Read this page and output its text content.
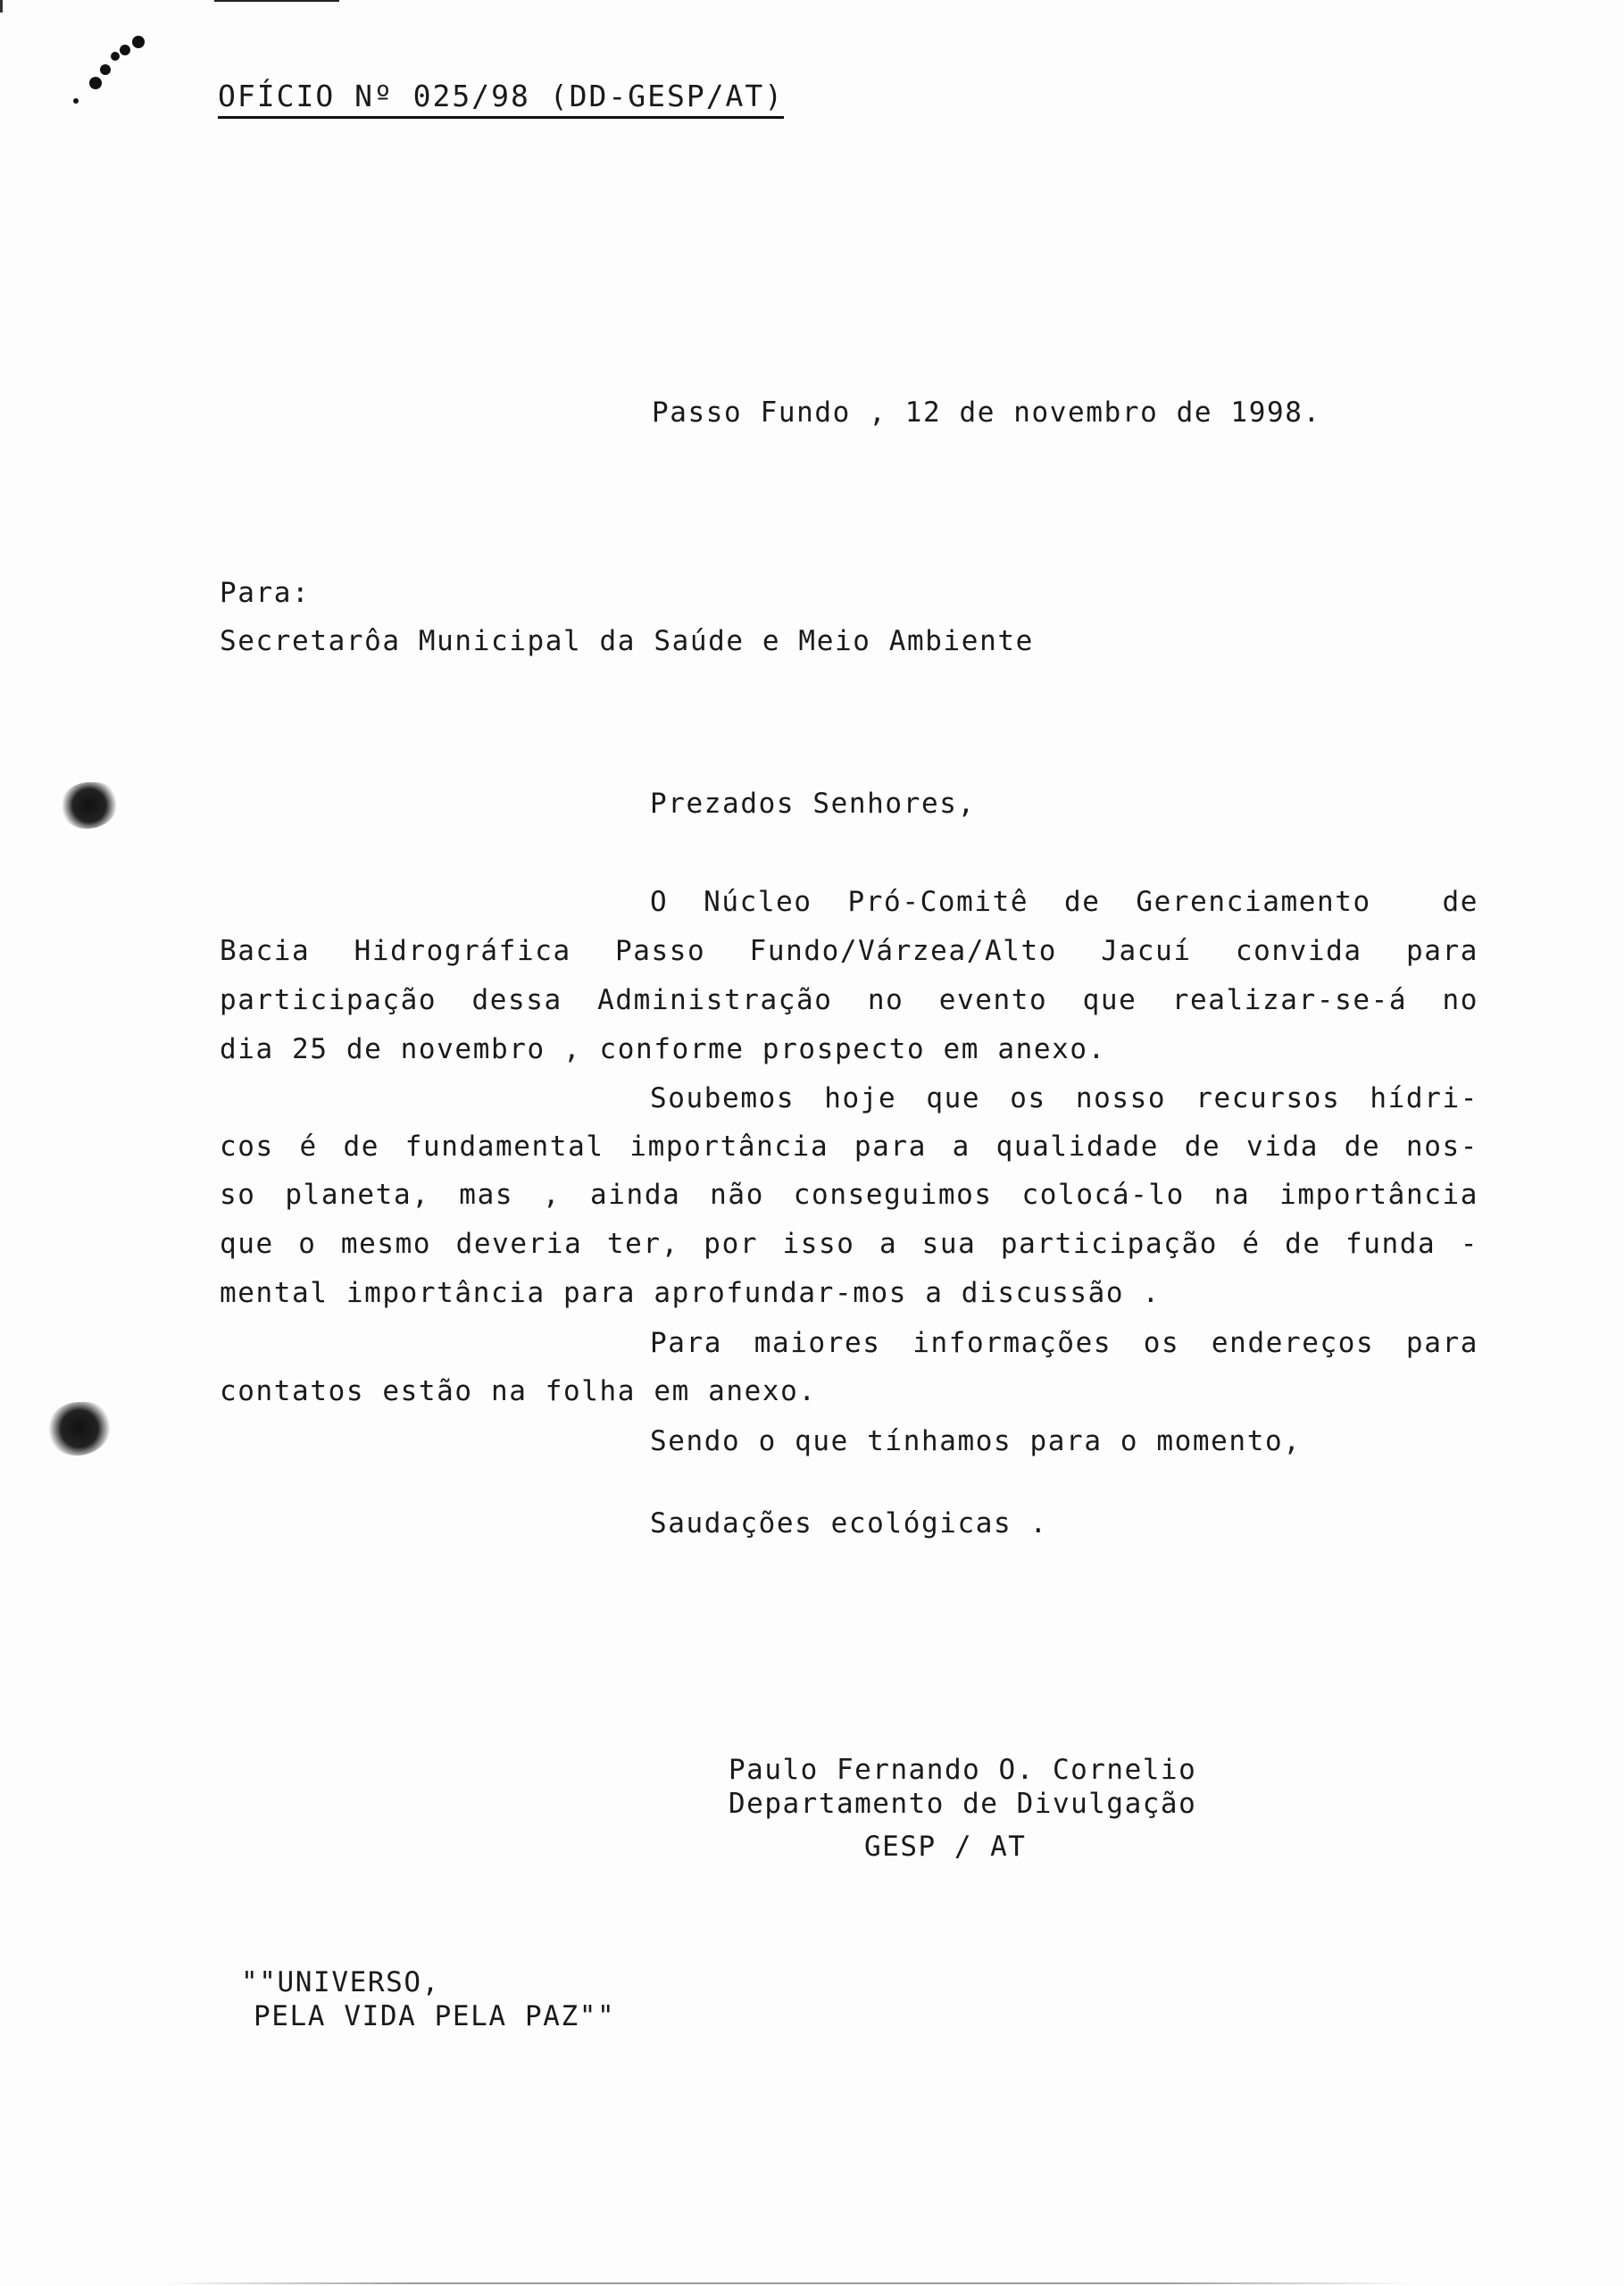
OFÍCIO Nº 025/98 (DD-GESP/AT)
Passo Fundo , 12 de novembro de 1998.
Para:
Secretarôa Municipal da Saúde e Meio Ambiente
Prezados Senhores,
O Núcleo Pró-Comitê de Gerenciamento  de
Bacia Hidrográfica Passo Fundo/Várzea/Alto Jacuí convida para
participação dessa Administração no evento que realizar-se-á no
dia 25 de novembro , conforme prospecto em anexo.
Soubemos hoje que os nosso recursos hídri-
cos é de fundamental importância para a qualidade de vida de nos-
so planeta, mas , ainda não conseguimos colocá-lo na importância
que o mesmo deveria ter, por isso a sua participação é de funda -
mental importância para aprofundar-mos a discussão .
Para maiores informações os endereços para
contatos estão na folha em anexo.
Sendo o que tínhamos para o momento,
Saudações ecológicas .
Paulo Fernando O. Cornelio
Departamento de Divulgação
GESP / AT
""UNIVERSO,
PELA VIDA PELA PAZ""
